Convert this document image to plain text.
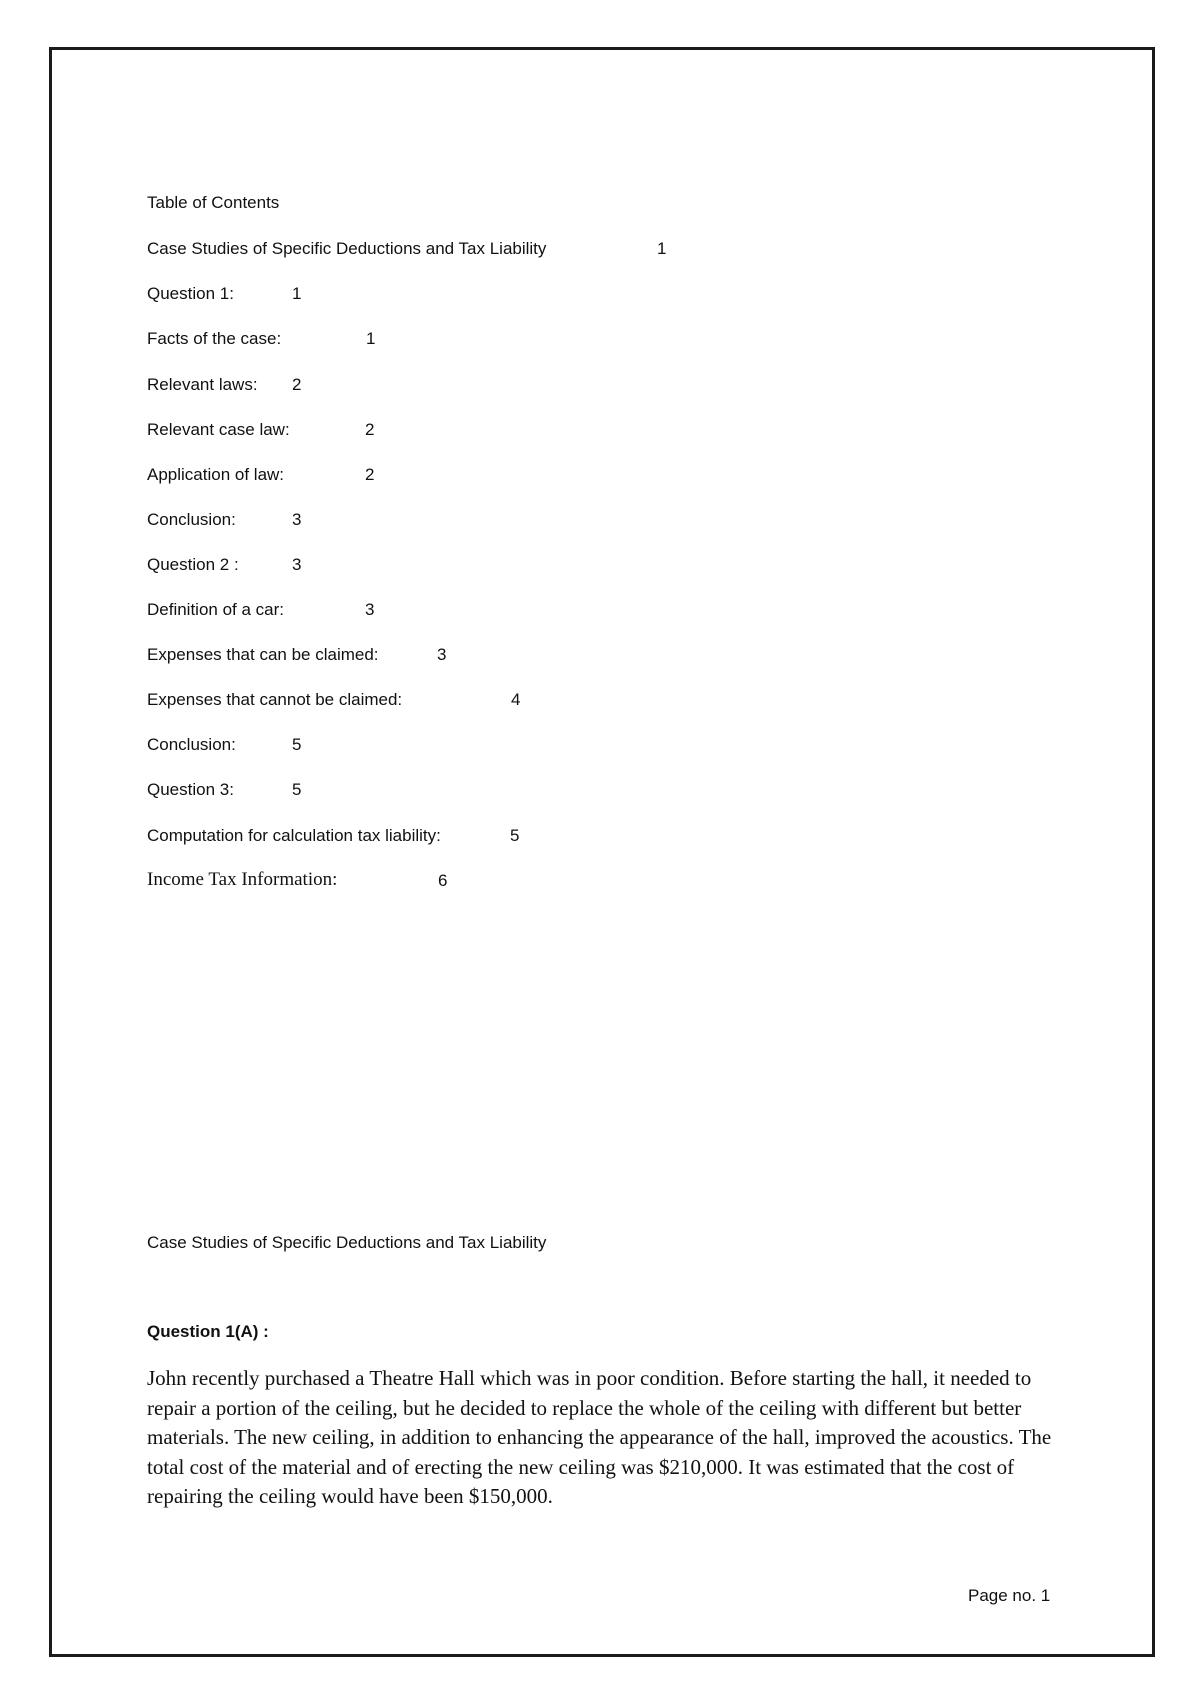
Table of Contents
Case Studies of Specific Deductions and Tax Liability	1
Question 1:	1
Facts of the case:	1
Relevant laws: 2
Relevant case law:	2
Application of law:	2
Conclusion:	3
Question 2 :	3
Definition of a car:	3
Expenses that can be claimed:	3
Expenses that cannot be claimed:	4
Conclusion:	5
Question 3:	5
Computation for calculation tax liability:	5
Income Tax Information:	6
Case Studies of Specific Deductions and Tax Liability
Question 1(A) :
John recently purchased a Theatre Hall which was in poor condition. Before starting the hall, it needed to repair a portion of the ceiling, but he decided to replace the whole of the ceiling with different but better materials. The new ceiling, in addition to enhancing the appearance of the hall, improved the acoustics. The total cost of the material and of erecting the new ceiling was $210,000. It was estimated that the cost of repairing the ceiling would have been $150,000.
Page no. 1
